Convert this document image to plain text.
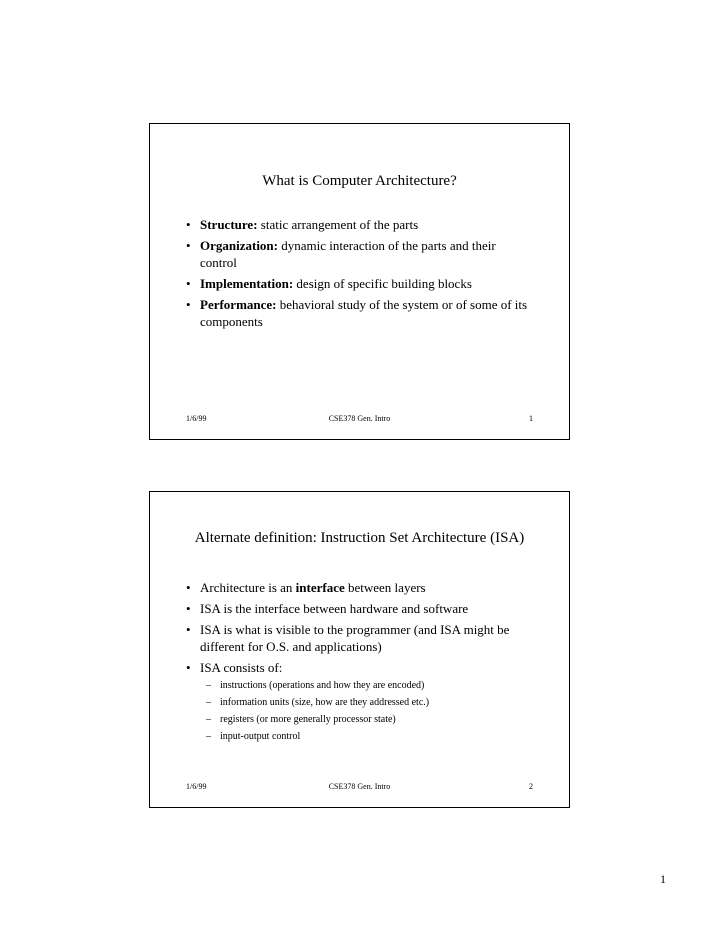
What is Computer Architecture?
• Structure: static arrangement of the parts
• Organization: dynamic interaction of the parts and their control
• Implementation: design of specific building blocks
• Performance: behavioral study of the system or of some of its components
1/6/99	CSE378 Gen. Intro	1
Alternate definition: Instruction Set Architecture (ISA)
• Architecture is an interface between layers
• ISA is the interface between hardware and software
• ISA is what is visible to the programmer (and ISA might be different for O.S. and applications)
• ISA consists of:
– instructions (operations and how they are encoded)
– information units (size, how are they addressed etc.)
– registers (or more generally processor state)
– input-output control
1/6/99	CSE378 Gen. Intro	2
1
